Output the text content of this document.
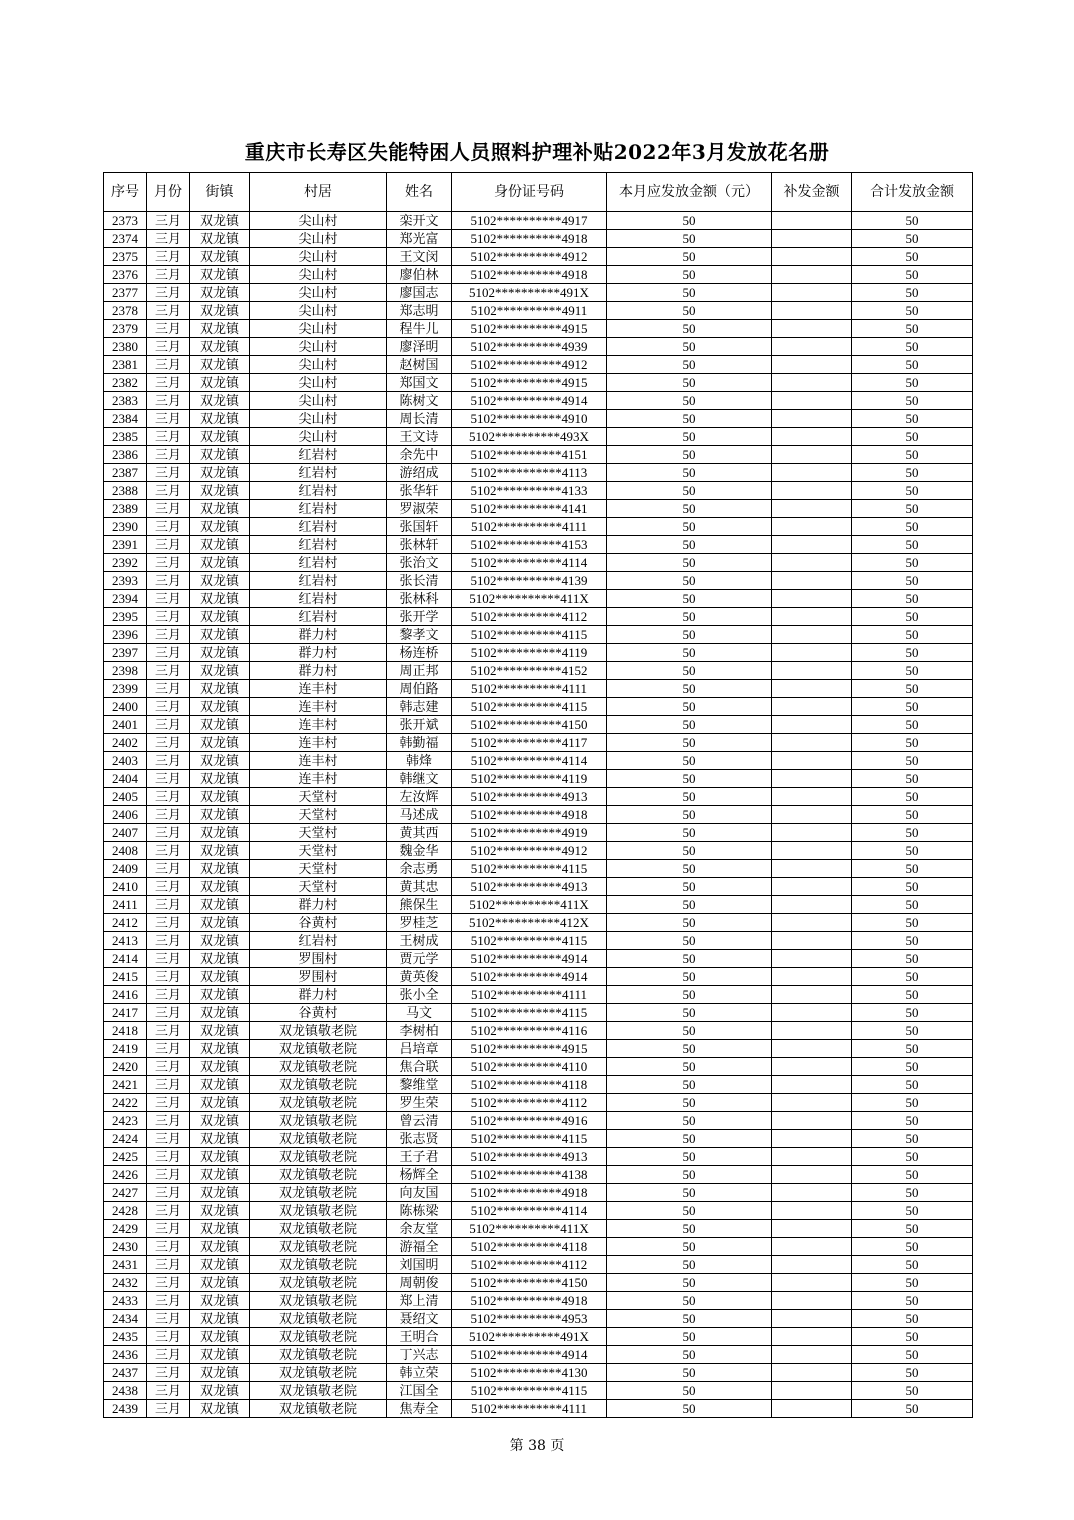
重庆市长寿区失能特困人员照料护理补贴2022年3月发放花名册
序号	月份	街镇	村居	姓名	身份证号码	本月应发放金额（元）	补发金额	合计发放金额
2373	三月	双龙镇	尖山村	栾开文	5102**********4917	50		50
2374	三月	双龙镇	尖山村	郑光富	5102**********4918	50		50
2375	三月	双龙镇	尖山村	王文闵	5102**********4912	50		50
2376	三月	双龙镇	尖山村	廖伯林	5102**********4918	50		50
2377	三月	双龙镇	尖山村	廖国志	5102**********491X	50		50
2378	三月	双龙镇	尖山村	郑志明	5102**********4911	50		50
2379	三月	双龙镇	尖山村	程牛儿	5102**********4915	50		50
2380	三月	双龙镇	尖山村	廖泽明	5102**********4939	50		50
2381	三月	双龙镇	尖山村	赵树国	5102**********4912	50		50
2382	三月	双龙镇	尖山村	郑国文	5102**********4915	50		50
2383	三月	双龙镇	尖山村	陈树文	5102**********4914	50		50
2384	三月	双龙镇	尖山村	周长清	5102**********4910	50		50
2385	三月	双龙镇	尖山村	王文诗	5102**********493X	50		50
2386	三月	双龙镇	红岩村	余先中	5102**********4151	50		50
2387	三月	双龙镇	红岩村	游绍成	5102**********4113	50		50
2388	三月	双龙镇	红岩村	张华轩	5102**********4133	50		50
2389	三月	双龙镇	红岩村	罗淑荣	5102**********4141	50		50
2390	三月	双龙镇	红岩村	张国轩	5102**********4111	50		50
2391	三月	双龙镇	红岩村	张林轩	5102**********4153	50		50
2392	三月	双龙镇	红岩村	张治文	5102**********4114	50		50
2393	三月	双龙镇	红岩村	张长清	5102**********4139	50		50
2394	三月	双龙镇	红岩村	张林科	5102**********411X	50		50
2395	三月	双龙镇	红岩村	张开学	5102**********4112	50		50
2396	三月	双龙镇	群力村	黎孝文	5102**********4115	50		50
2397	三月	双龙镇	群力村	杨连桥	5102**********4119	50		50
2398	三月	双龙镇	群力村	周正邦	5102**********4152	50		50
2399	三月	双龙镇	连丰村	周伯路	5102**********4111	50		50
2400	三月	双龙镇	连丰村	韩志建	5102**********4115	50		50
2401	三月	双龙镇	连丰村	张开斌	5102**********4150	50		50
2402	三月	双龙镇	连丰村	韩勤福	5102**********4117	50		50
2403	三月	双龙镇	连丰村	韩烽	5102**********4114	50		50
2404	三月	双龙镇	连丰村	韩继文	5102**********4119	50		50
2405	三月	双龙镇	天堂村	左汝辉	5102**********4913	50		50
2406	三月	双龙镇	天堂村	马述成	5102**********4918	50		50
2407	三月	双龙镇	天堂村	黄其西	5102**********4919	50		50
2408	三月	双龙镇	天堂村	魏金华	5102**********4912	50		50
2409	三月	双龙镇	天堂村	余志勇	5102**********4115	50		50
2410	三月	双龙镇	天堂村	黄其忠	5102**********4913	50		50
2411	三月	双龙镇	群力村	熊保生	5102**********411X	50		50
2412	三月	双龙镇	谷黄村	罗桂芝	5102**********412X	50		50
2413	三月	双龙镇	红岩村	王树成	5102**********4115	50		50
2414	三月	双龙镇	罗围村	贾元学	5102**********4914	50		50
2415	三月	双龙镇	罗围村	黄英俊	5102**********4914	50		50
2416	三月	双龙镇	群力村	张小全	5102**********4111	50		50
2417	三月	双龙镇	谷黄村	马文	5102**********4115	50		50
2418	三月	双龙镇	双龙镇敬老院	李树柏	5102**********4116	50		50
2419	三月	双龙镇	双龙镇敬老院	吕培章	5102**********4915	50		50
2420	三月	双龙镇	双龙镇敬老院	焦合联	5102**********4110	50		50
2421	三月	双龙镇	双龙镇敬老院	黎维堂	5102**********4118	50		50
2422	三月	双龙镇	双龙镇敬老院	罗生荣	5102**********4112	50		50
2423	三月	双龙镇	双龙镇敬老院	曾云清	5102**********4916	50		50
2424	三月	双龙镇	双龙镇敬老院	张志贤	5102**********4115	50		50
2425	三月	双龙镇	双龙镇敬老院	王子君	5102**********4913	50		50
2426	三月	双龙镇	双龙镇敬老院	杨辉全	5102**********4138	50		50
2427	三月	双龙镇	双龙镇敬老院	向友国	5102**********4918	50		50
2428	三月	双龙镇	双龙镇敬老院	陈栋梁	5102**********4114	50		50
2429	三月	双龙镇	双龙镇敬老院	余友堂	5102**********411X	50		50
2430	三月	双龙镇	双龙镇敬老院	游福全	5102**********4118	50		50
2431	三月	双龙镇	双龙镇敬老院	刘国明	5102**********4112	50		50
2432	三月	双龙镇	双龙镇敬老院	周朝俊	5102**********4150	50		50
2433	三月	双龙镇	双龙镇敬老院	郑上清	5102**********4918	50		50
2434	三月	双龙镇	双龙镇敬老院	聂绍文	5102**********4953	50		50
2435	三月	双龙镇	双龙镇敬老院	王明合	5102**********491X	50		50
2436	三月	双龙镇	双龙镇敬老院	丁兴志	5102**********4914	50		50
2437	三月	双龙镇	双龙镇敬老院	韩立荣	5102**********4130	50		50
2438	三月	双龙镇	双龙镇敬老院	江国全	5102**********4115	50		50
2439	三月	双龙镇	双龙镇敬老院	焦寿全	5102**********4111	50		50
第 38 页
